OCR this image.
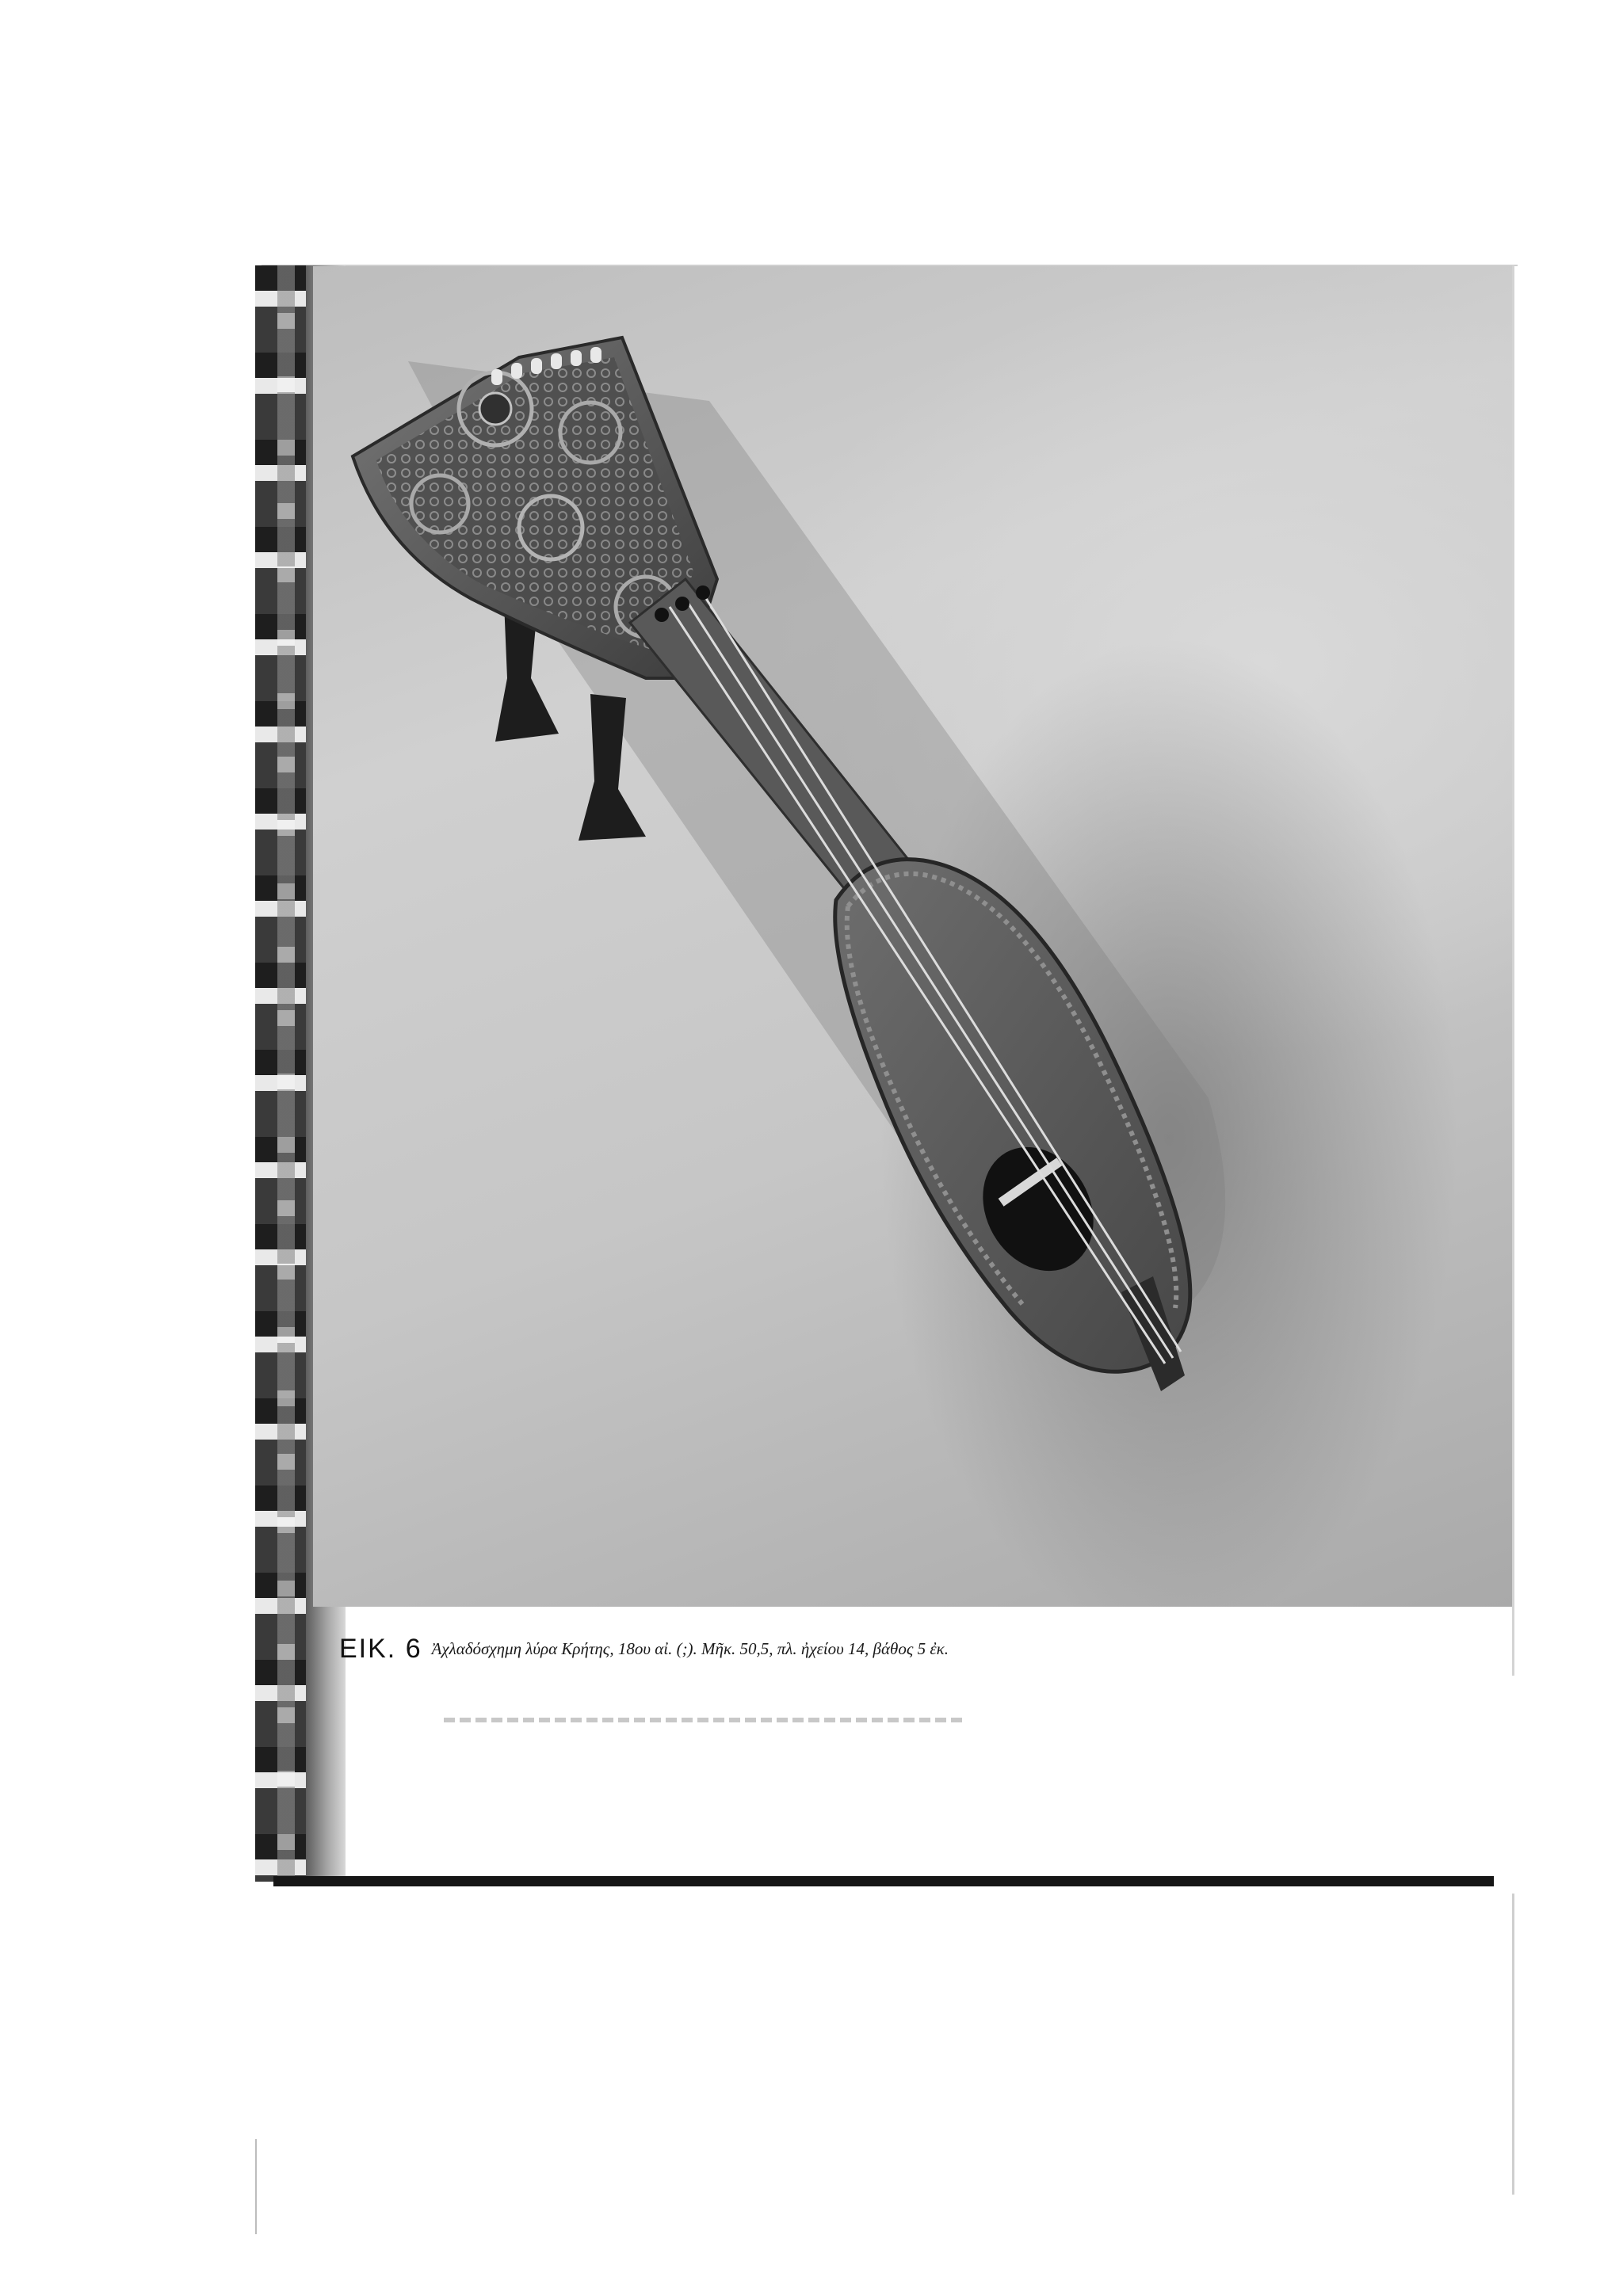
ΕΙΚ. 6 Ἀχλαδόσχημη λύρα Κρήτης, 18ου αἰ. (;). Μῆκ. 50,5, πλ. ἠχείου 14, βάθος 5 ἐκ.
